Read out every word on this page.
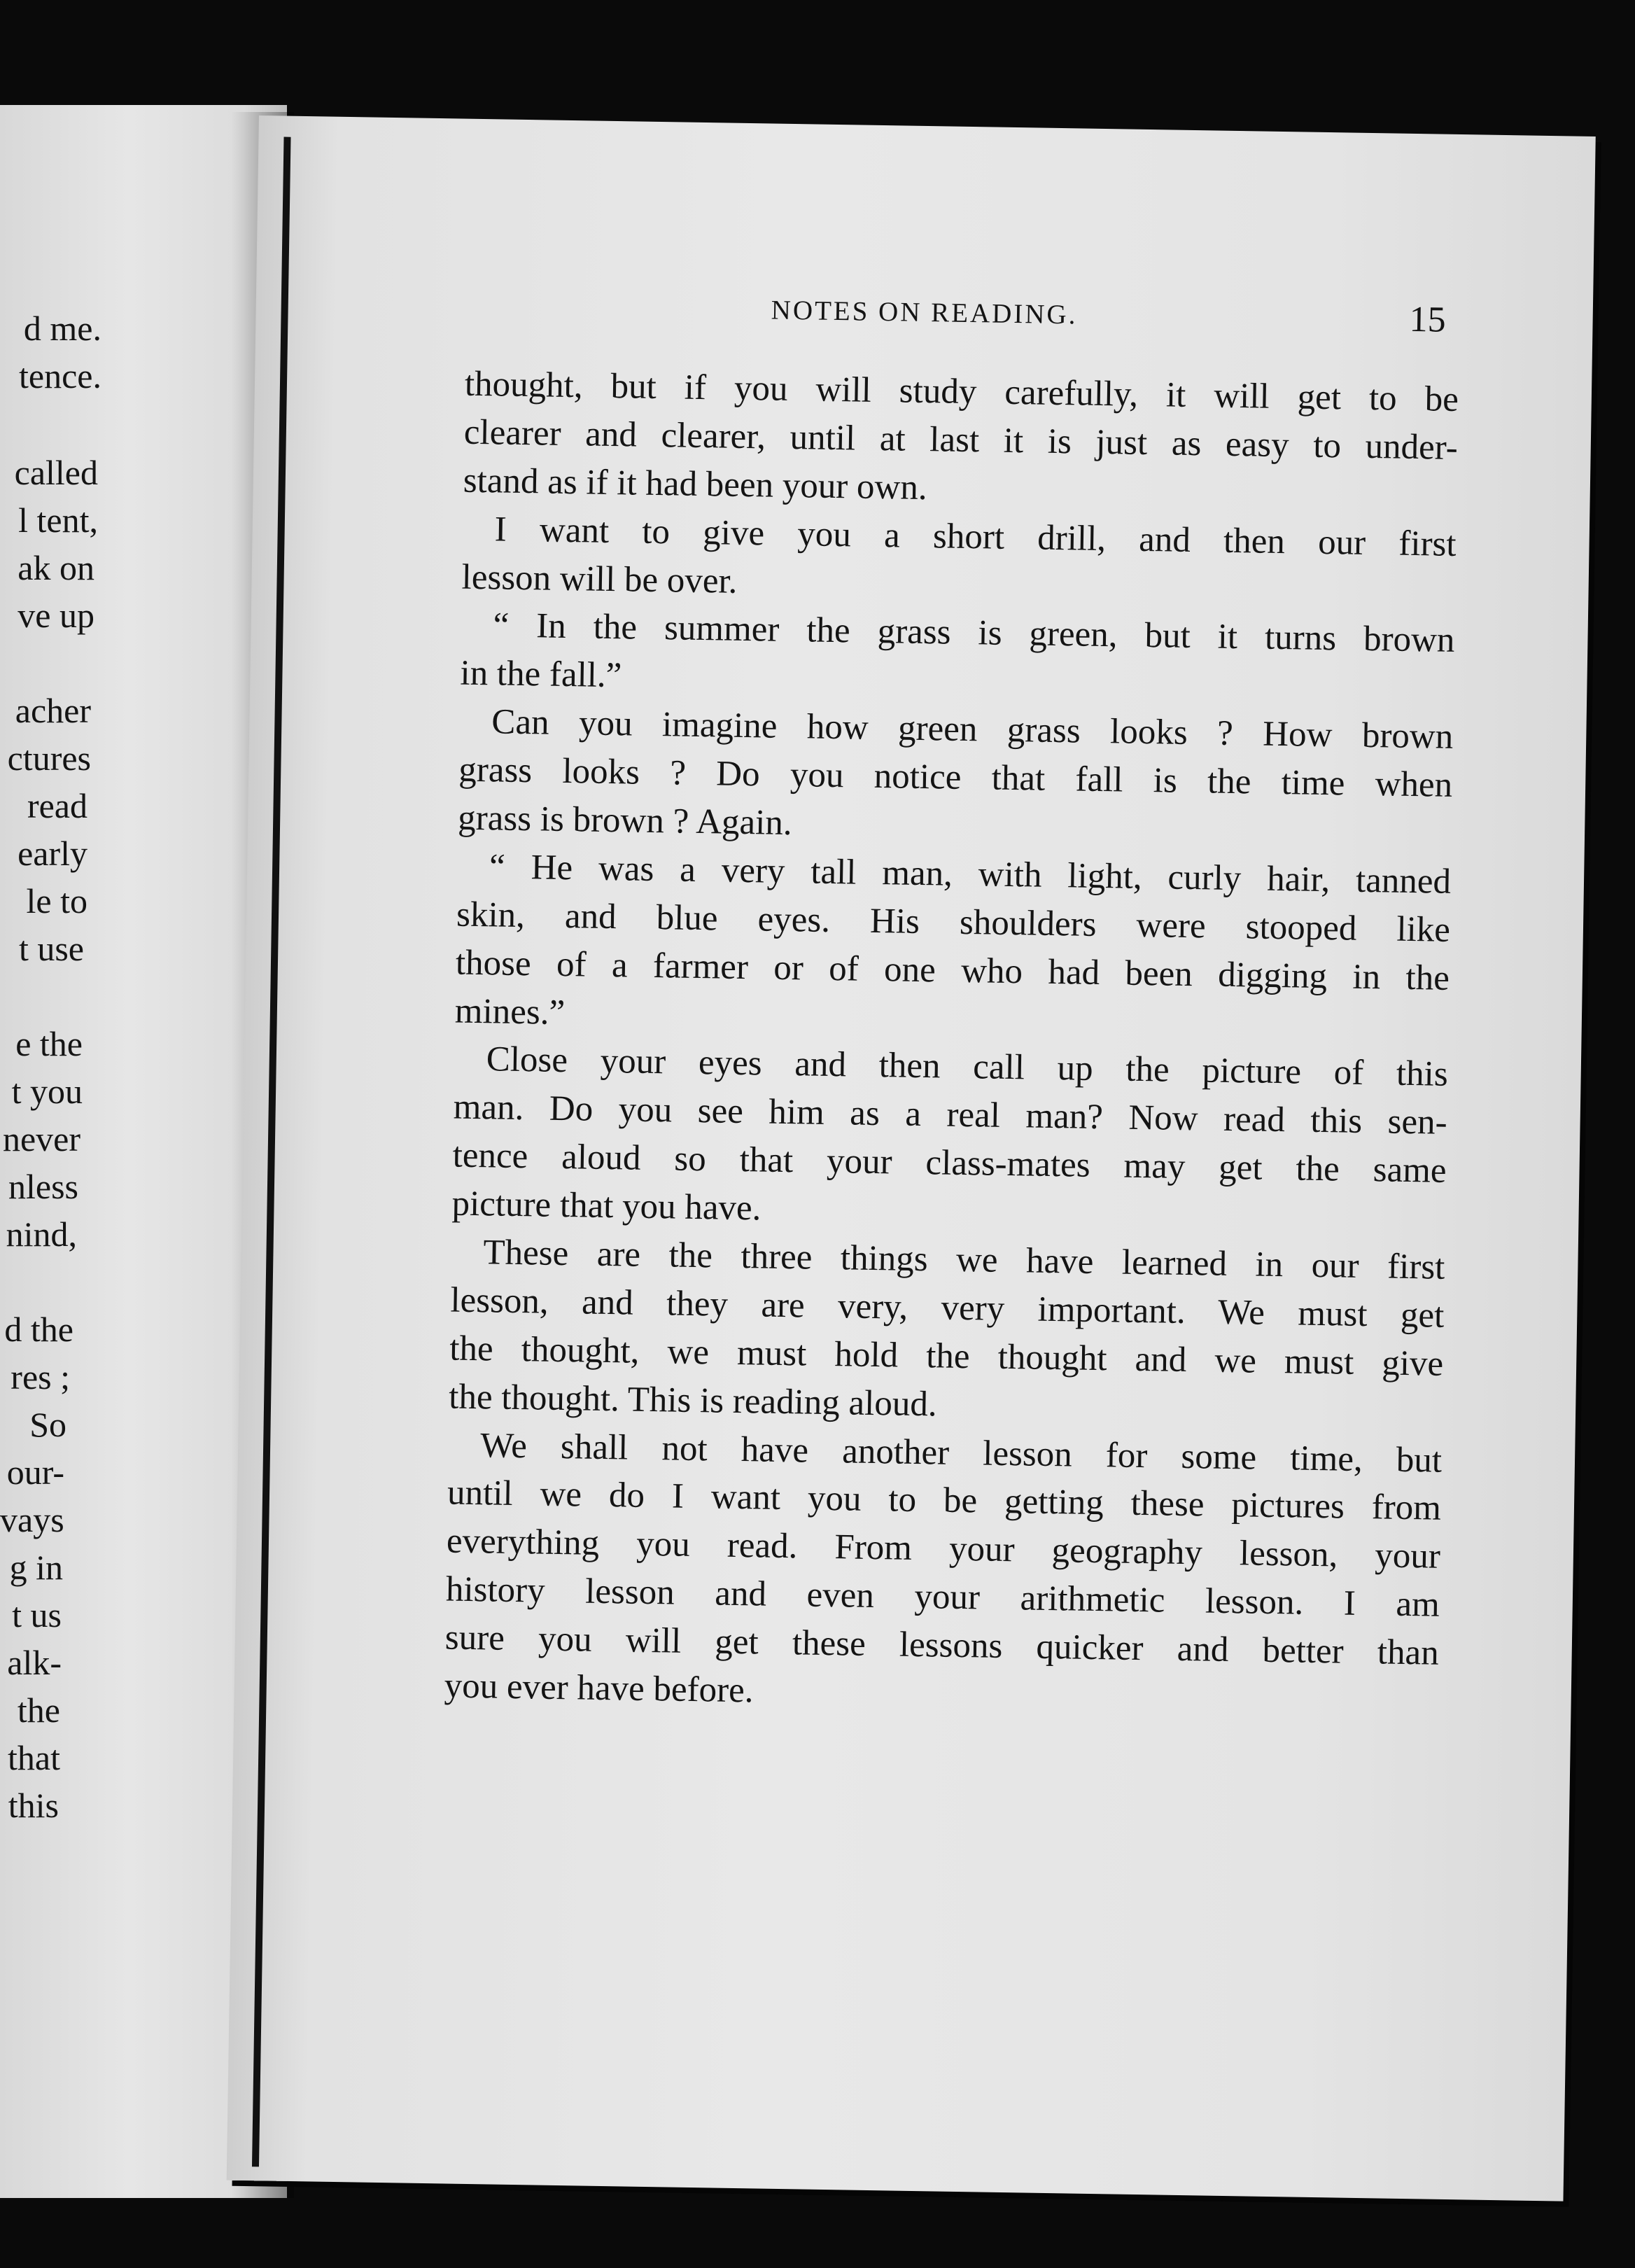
d me.
tence.
called
l tent,
ak on
ve up
acher
ctures
read
early
le to
t use
e the
t you
never
nless
nind,
d the
res ;
So
our-
vays
g in
t us
alk-
the
that
this
NOTES ON READING.	15
thought, but if you will study carefully, it will get to be
clearer and clearer, until at last it is just as easy to under-
stand as if it had been your own.
I want to give you a short drill, and then our first
lesson will be over.
“ In the summer the grass is green, but it turns brown
in the fall.”
Can you imagine how green grass looks ? How brown
grass looks ? Do you notice that fall is the time when
grass is brown ? Again.
“ He was a very tall man, with light, curly hair, tanned
skin, and blue eyes. His shoulders were stooped like
those of a farmer or of one who had been digging in the
mines.”
Close your eyes and then call up the picture of this
man. Do you see him as a real man? Now read this sen-
tence aloud so that your class-mates may get the same
picture that you have.
These are the three things we have learned in our first
lesson, and they are very, very important. We must get
the thought, we must hold the thought and we must give
the thought. This is reading aloud.
We shall not have another lesson for some time, but
until we do I want you to be getting these pictures from
everything you read. From your geography lesson, your
history lesson and even your arithmetic lesson. I am
sure you will get these lessons quicker and better than
you ever have before.
